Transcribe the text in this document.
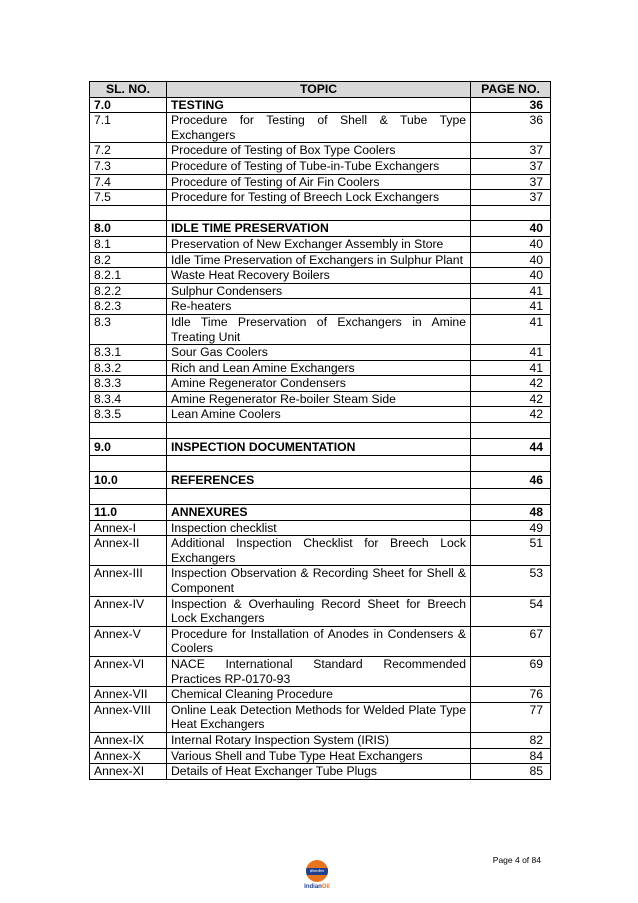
SL. NO.	TOPIC	PAGE NO.
7.0	TESTING	36
7.1	Procedure for Testing of Shell & Tube Type Exchangers	36
7.2	Procedure of Testing of Box Type Coolers	37
7.3	Procedure of Testing of Tube-in-Tube Exchangers	37
7.4	Procedure of Testing of Air Fin Coolers	37
7.5	Procedure for Testing of Breech Lock Exchangers	37

8.0	IDLE TIME PRESERVATION	40
8.1	Preservation of New Exchanger Assembly in Store	40
8.2	Idle Time Preservation of Exchangers in Sulphur Plant	40
8.2.1	Waste Heat Recovery Boilers	40
8.2.2	Sulphur Condensers	41
8.2.3	Re-heaters	41
8.3	Idle Time Preservation of Exchangers in Amine Treating Unit	41
8.3.1	Sour Gas Coolers	41
8.3.2	Rich and Lean Amine Exchangers	41
8.3.3	Amine Regenerator Condensers	42
8.3.4	Amine Regenerator Re-boiler Steam Side	42
8.3.5	Lean Amine Coolers	42

9.0	INSPECTION DOCUMENTATION	44

10.0	REFERENCES	46

11.0	ANNEXURES	48
Annex-I	Inspection checklist	49
Annex-II	Additional Inspection Checklist for Breech Lock Exchangers	51
Annex-III	Inspection Observation & Recording Sheet for Shell & Component	53
Annex-IV	Inspection & Overhauling Record Sheet for Breech Lock Exchangers	54
Annex-V	Procedure for Installation of Anodes in Condensers & Coolers	67
Annex-VI	NACE International Standard Recommended Practices RP-0170-93	69
Annex-VII	Chemical Cleaning Procedure	76
Annex-VIII	Online Leak Detection Methods for Welded Plate Type Heat Exchangers	77
Annex-IX	Internal Rotary Inspection System (IRIS)	82
Annex-X	Various Shell and Tube Type Heat Exchangers	84
Annex-XI	Details of Heat Exchanger Tube Plugs	85
Page 4 of 84
इंडियनऑयल
IndianOil
